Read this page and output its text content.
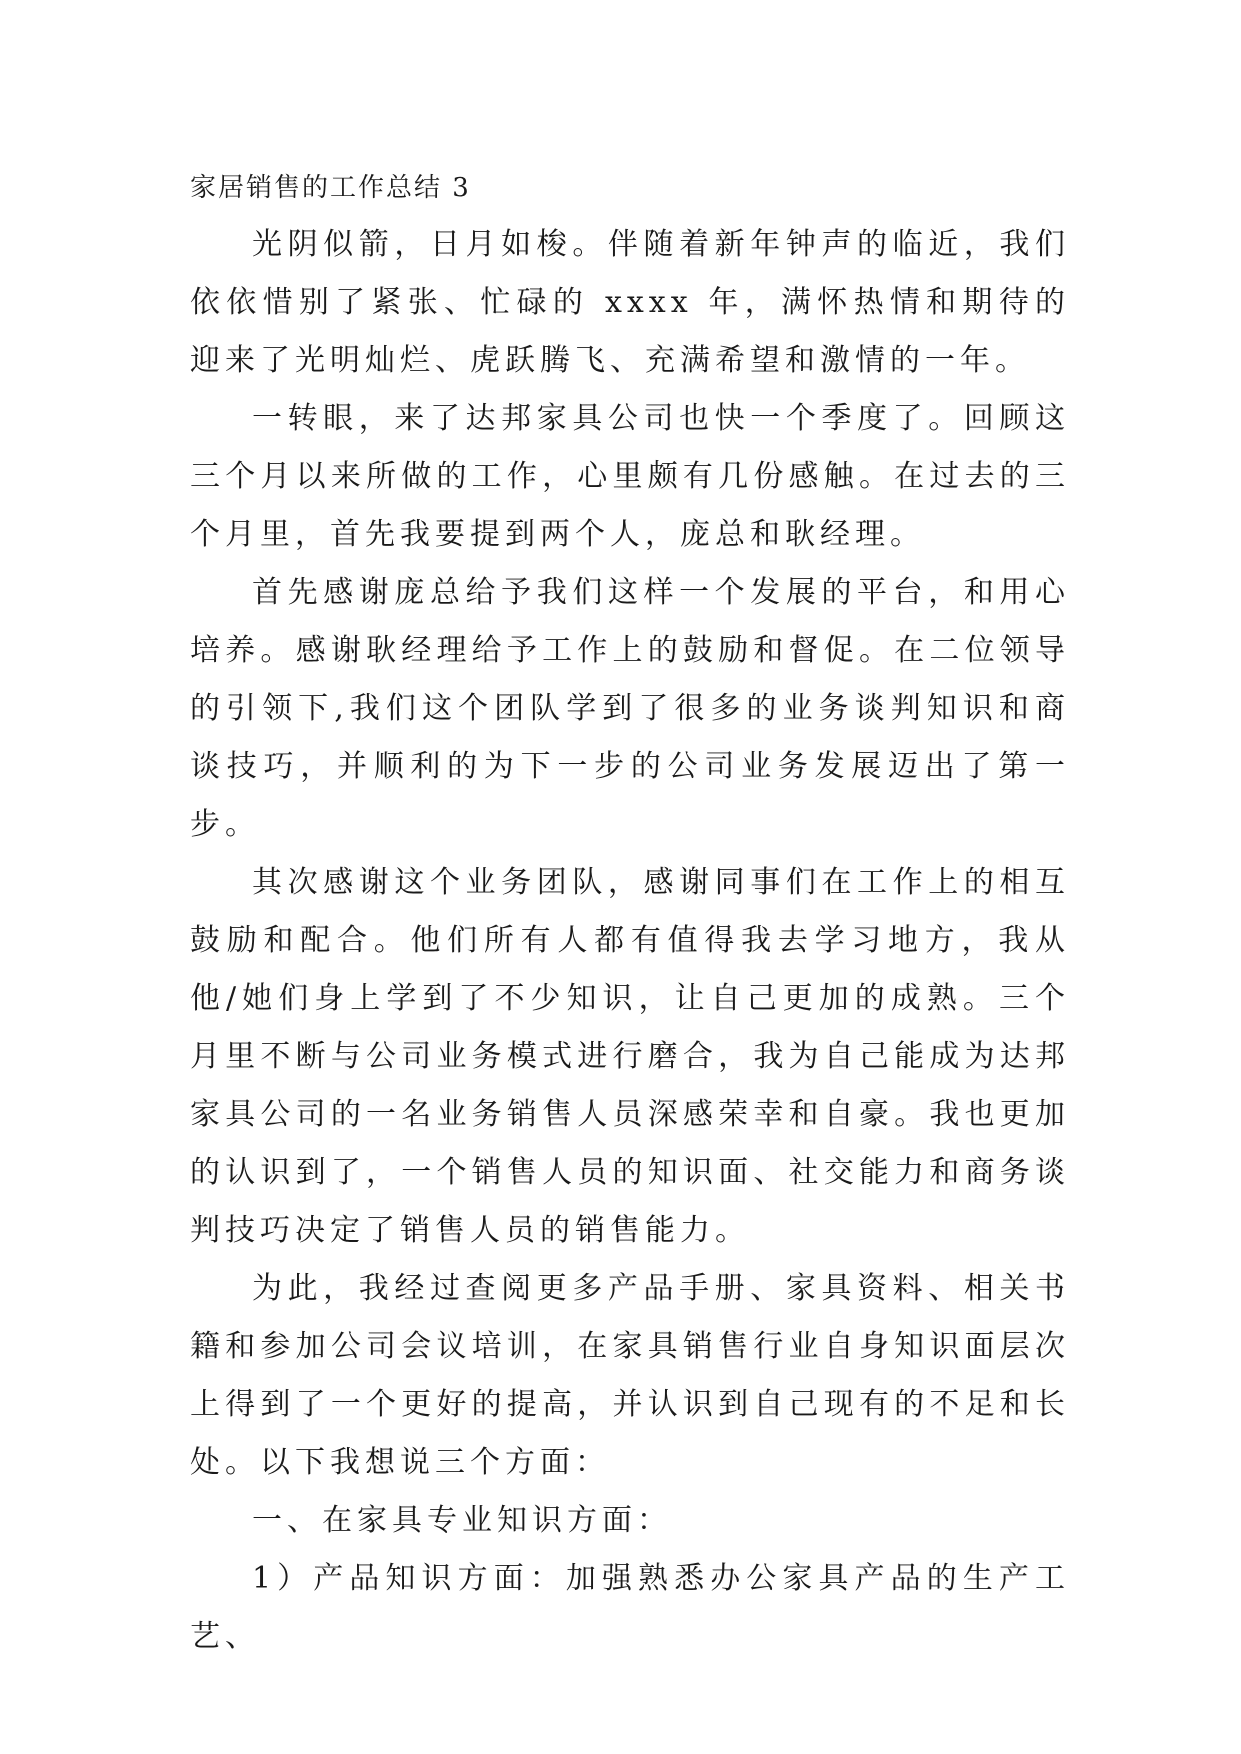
家居销售的工作总结 3

光阴似箭，日月如梭。伴随着新年钟声的临近，我们依依惜别了紧张、忙碌的 xxxx 年，满怀热情和期待的迎来了光明灿烂、虎跃腾飞、充满希望和激情的一年。

一转眼，来了达邦家具公司也快一个季度了。回顾这三个月以来所做的工作，心里颇有几份感触。在过去的三个月里，首先我要提到两个人，庞总和耿经理。

首先感谢庞总给予我们这样一个发展的平台，和用心培养。感谢耿经理给予工作上的鼓励和督促。在二位领导的引领下,我们这个团队学到了很多的业务谈判知识和商谈技巧，并顺利的为下一步的公司业务发展迈出了第一步。

其次感谢这个业务团队，感谢同事们在工作上的相互鼓励和配合。他们所有人都有值得我去学习地方，我从他/她们身上学到了不少知识，让自己更加的成熟。三个月里不断与公司业务模式进行磨合，我为自己能成为达邦家具公司的一名业务销售人员深感荣幸和自豪。我也更加的认识到了，一个销售人员的知识面、社交能力和商务谈判技巧决定了销售人员的销售能力。

为此，我经过查阅更多产品手册、家具资料、相关书籍和参加公司会议培训，在家具销售行业自身知识面层次上得到了一个更好的提高，并认识到自己现有的不足和长处。以下我想说三个方面：

一、在家具专业知识方面：

1）产品知识方面：加强熟悉办公家具产品的生产工艺、
